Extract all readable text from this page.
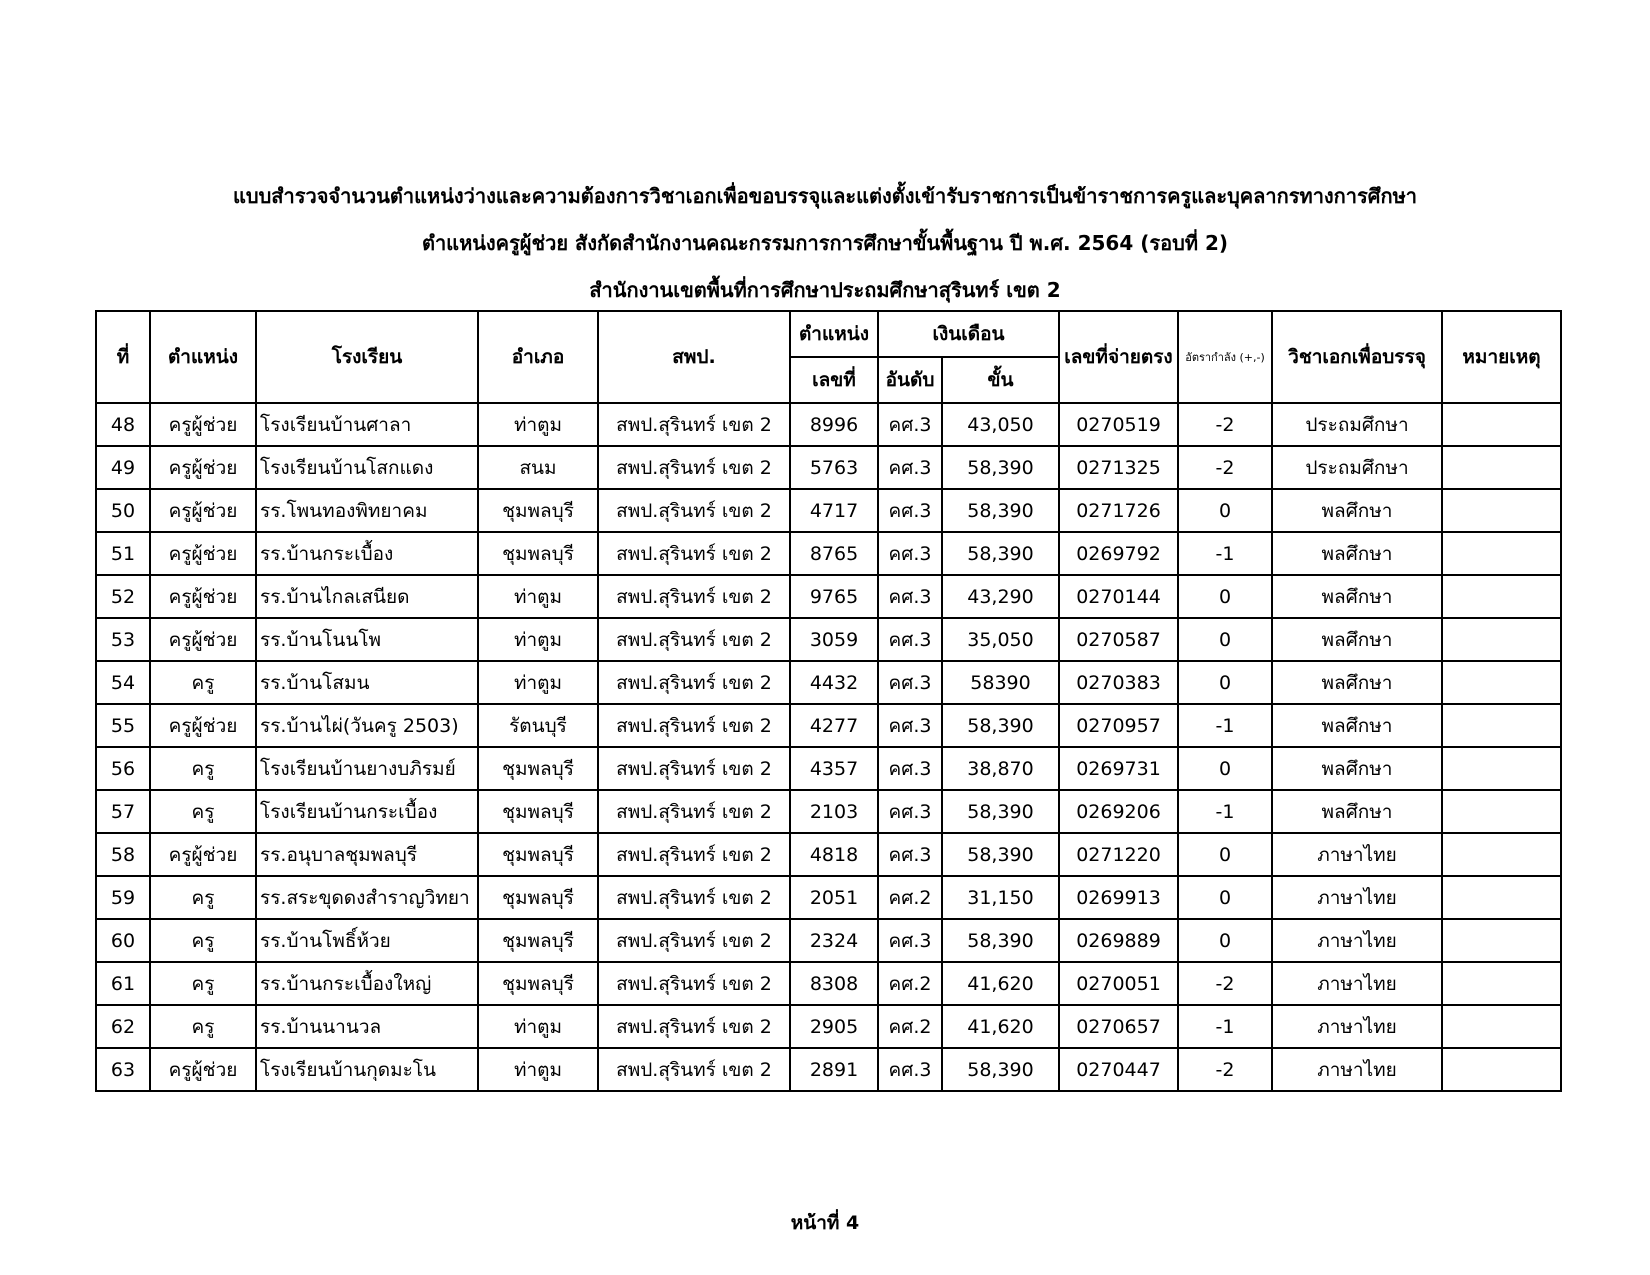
แบบสำรวจจำนวนตำแหน่งว่างและความต้องการวิชาเอกเพื่อขอบรรจุและแต่งตั้งเข้ารับราชการเป็นข้าราชการครูและบุคลากรทางการศึกษา
ตำแหน่งครูผู้ช่วย สังกัดสำนักงานคณะกรรมการการศึกษาขั้นพื้นฐาน ปี พ.ศ. 2564 (รอบที่ 2)
สำนักงานเขตพื้นที่การศึกษาประถมศึกษาสุรินทร์ เขต 2
ที่	ตำแหน่ง	โรงเรียน	อำเภอ	สพป.	ตำแหน่ง	เงินเดือน		เลขที่จ่ายตรง	อัตรากำลัง (+,-)	วิชาเอกเพื่อบรรจุ	หมายเหตุ
					เลขที่	อันดับ	ขั้น				
48	ครูผู้ช่วย	โรงเรียนบ้านศาลา	ท่าตูม	สพป.สุรินทร์ เขต 2	8996	คศ.3	43,050	0270519	-2	ประถมศึกษา	
49	ครูผู้ช่วย	โรงเรียนบ้านโสกแดง	สนม	สพป.สุรินทร์ เขต 2	5763	คศ.3	58,390	0271325	-2	ประถมศึกษา	
50	ครูผู้ช่วย	รร.โพนทองพิทยาคม	ชุมพลบุรี	สพป.สุรินทร์ เขต 2	4717	คศ.3	58,390	0271726	0	พลศึกษา	
51	ครูผู้ช่วย	รร.บ้านกระเบื้อง	ชุมพลบุรี	สพป.สุรินทร์ เขต 2	8765	คศ.3	58,390	0269792	-1	พลศึกษา	
52	ครูผู้ช่วย	รร.บ้านไกลเสนียด	ท่าตูม	สพป.สุรินทร์ เขต 2	9765	คศ.3	43,290	0270144	0	พลศึกษา	
53	ครูผู้ช่วย	รร.บ้านโนนโพ	ท่าตูม	สพป.สุรินทร์ เขต 2	3059	คศ.3	35,050	0270587	0	พลศึกษา	
54	ครู	รร.บ้านโสมน	ท่าตูม	สพป.สุรินทร์ เขต 2	4432	คศ.3	58390	0270383	0	พลศึกษา	
55	ครูผู้ช่วย	รร.บ้านไผ่(วันครู 2503)	รัตนบุรี	สพป.สุรินทร์ เขต 2	4277	คศ.3	58,390	0270957	-1	พลศึกษา	
56	ครู	โรงเรียนบ้านยางบภิรมย์	ชุมพลบุรี	สพป.สุรินทร์ เขต 2	4357	คศ.3	38,870	0269731	0	พลศึกษา	
57	ครู	โรงเรียนบ้านกระเบื้อง	ชุมพลบุรี	สพป.สุรินทร์ เขต 2	2103	คศ.3	58,390	0269206	-1	พลศึกษา	
58	ครูผู้ช่วย	รร.อนุบาลชุมพลบุรี	ชุมพลบุรี	สพป.สุรินทร์ เขต 2	4818	คศ.3	58,390	0271220	0	ภาษาไทย	
59	ครู	รร.สระขุดดงสำราญวิทยา	ชุมพลบุรี	สพป.สุรินทร์ เขต 2	2051	คศ.2	31,150	0269913	0	ภาษาไทย	
60	ครู	รร.บ้านโพธิ์ห้วย	ชุมพลบุรี	สพป.สุรินทร์ เขต 2	2324	คศ.3	58,390	0269889	0	ภาษาไทย	
61	ครู	รร.บ้านกระเบื้องใหญ่	ชุมพลบุรี	สพป.สุรินทร์ เขต 2	8308	คศ.2	41,620	0270051	-2	ภาษาไทย	
62	ครู	รร.บ้านนานวล	ท่าตูม	สพป.สุรินทร์ เขต 2	2905	คศ.2	41,620	0270657	-1	ภาษาไทย	
63	ครูผู้ช่วย	โรงเรียนบ้านกุดมะโน	ท่าตูม	สพป.สุรินทร์ เขต 2	2891	คศ.3	58,390	0270447	-2	ภาษาไทย	
หน้าที่ 4
